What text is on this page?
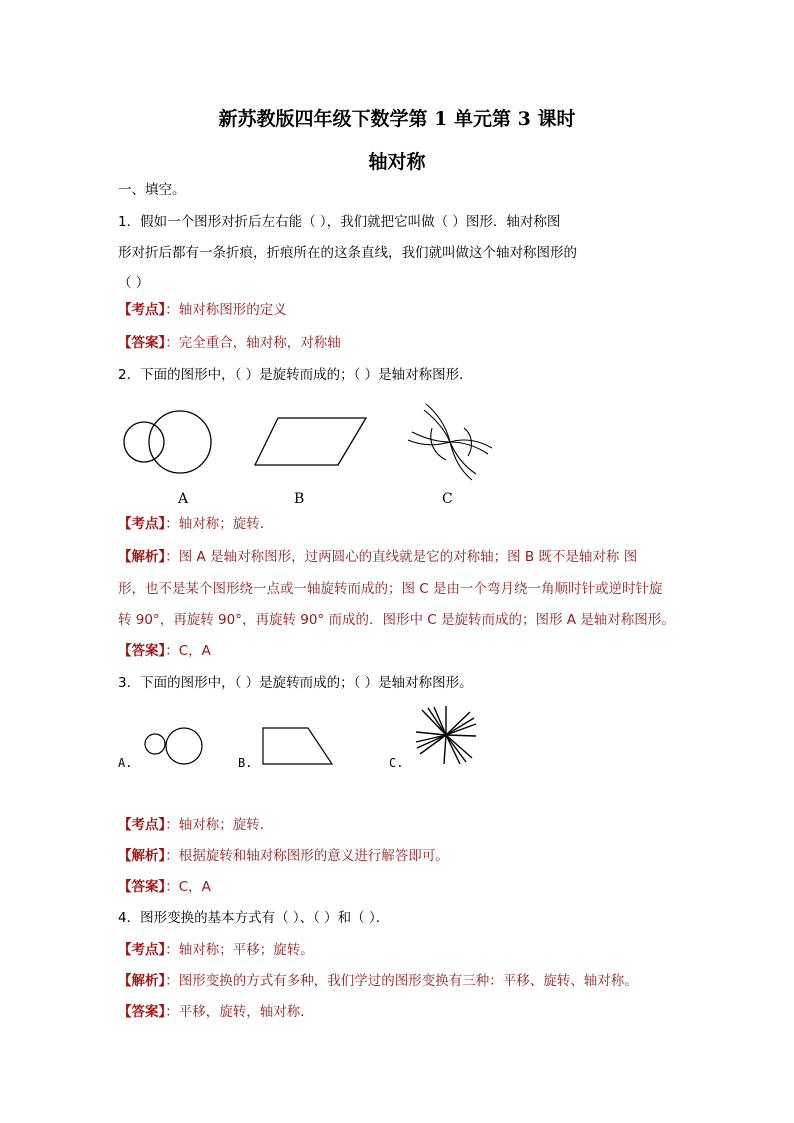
新苏教版四年级下数学第 1 单元第 3 课时
轴对称
一、填空。
1．假如一个图形对折后左右能（ ），我们就把它叫做（ ）图形．轴对称图
形对折后都有一条折痕，折痕所在的这条直线，我们就叫做这个轴对称图形的
（ ）
【考点】：轴对称图形的定义
【答案】：完全重合，轴对称，对称轴
2．下面的图形中，（ ）是旋转而成的；（ ）是轴对称图形．
A	B	C
【考点】：轴对称；旋转．
【解析】：图 A 是轴对称图形，过两圆心的直线就是它的对称轴；图 B 既不是轴对称 图
形，也不是某个图形绕一点或一轴旋转而成的；图 C 是由一个弯月绕一角顺时针或逆时针旋
转 90°，再旋转 90°，再旋转 90° 而成的．图形中 C 是旋转而成的；图形 A 是轴对称图形。
【答案】：C，A
3．下面的图形中，（ ）是旋转而成的；（ ）是轴对称图形。
A.	B.	C.
【考点】：轴对称；旋转．
【解析】：根据旋转和轴对称图形的意义进行解答即可。
【答案】：C，A
4．图形变换的基本方式有（ ）、（ ）和（ ）．
【考点】：轴对称；平移；旋转。
【解析】：图形变换的方式有多种，我们学过的图形变换有三种：平移、旋转、轴对称。
【答案】：平移，旋转，轴对称．
